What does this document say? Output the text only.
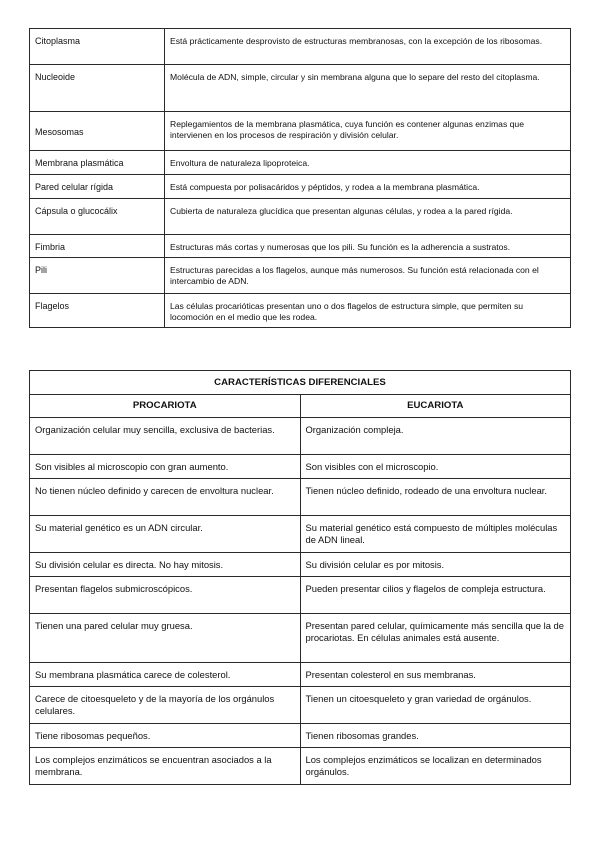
Citoplasma	Está prácticamente desprovisto de estructuras membranosas, con la excepción de los ribosomas.
Nucleoide	Molécula de ADN, simple, circular y sin membrana alguna que lo separe del resto del citoplasma.
Mesosomas	Replegamientos de la membrana plasmática, cuya función es contener algunas enzimas que intervienen en los procesos de respiración y división celular.
Membrana plasmática	Envoltura de naturaleza lipoproteica.
Pared celular rígida	Está compuesta por polisacáridos y péptidos, y rodea a la membrana plasmática.
Cápsula o glucocálix	Cubierta de naturaleza glucídica que presentan algunas células, y rodea a la pared rígida.
Fimbria	Estructuras más cortas y numerosas que los pili. Su función es la adherencia a sustratos.
Pili	Estructuras parecidas a los flagelos, aunque más numerosos. Su función está relacionada con el intercambio de ADN.
Flagelos	Las células procarióticas presentan uno o dos flagelos de estructura simple, que permiten su locomoción en el medio que les rodea.
CARACTERÍSTICAS DIFERENCIALES	
PROCARIOTA	EUCARIOTA
Organización celular muy sencilla, exclusiva de bacterias.	Organización compleja.
Son visibles al microscopio con gran aumento.	Son visibles con el microscopio.
No tienen núcleo definido y carecen de envoltura nuclear.	Tienen núcleo definido, rodeado de una envoltura nuclear.
Su material genético es un ADN circular.	Su material genético está compuesto de múltiples moléculas de ADN lineal.
Su división celular es directa. No hay mitosis.	Su división celular es por mitosis.
Presentan flagelos submicroscópicos.	Pueden presentar cilios y flagelos de compleja estructura.
Tienen una pared celular muy gruesa.	Presentan pared celular, químicamente más sencilla que la de procariotas. En células animales está ausente.
Su membrana plasmática carece de colesterol.	Presentan colesterol en sus membranas.
Carece de citoesqueleto y de la mayoría de los orgánulos celulares.	Tienen un citoesqueleto y gran variedad de orgánulos.
Tiene ribosomas pequeños.	Tienen ribosomas grandes.
Los complejos enzimáticos se encuentran asociados a la membrana.	Los complejos enzimáticos se localizan en determinados orgánulos.
